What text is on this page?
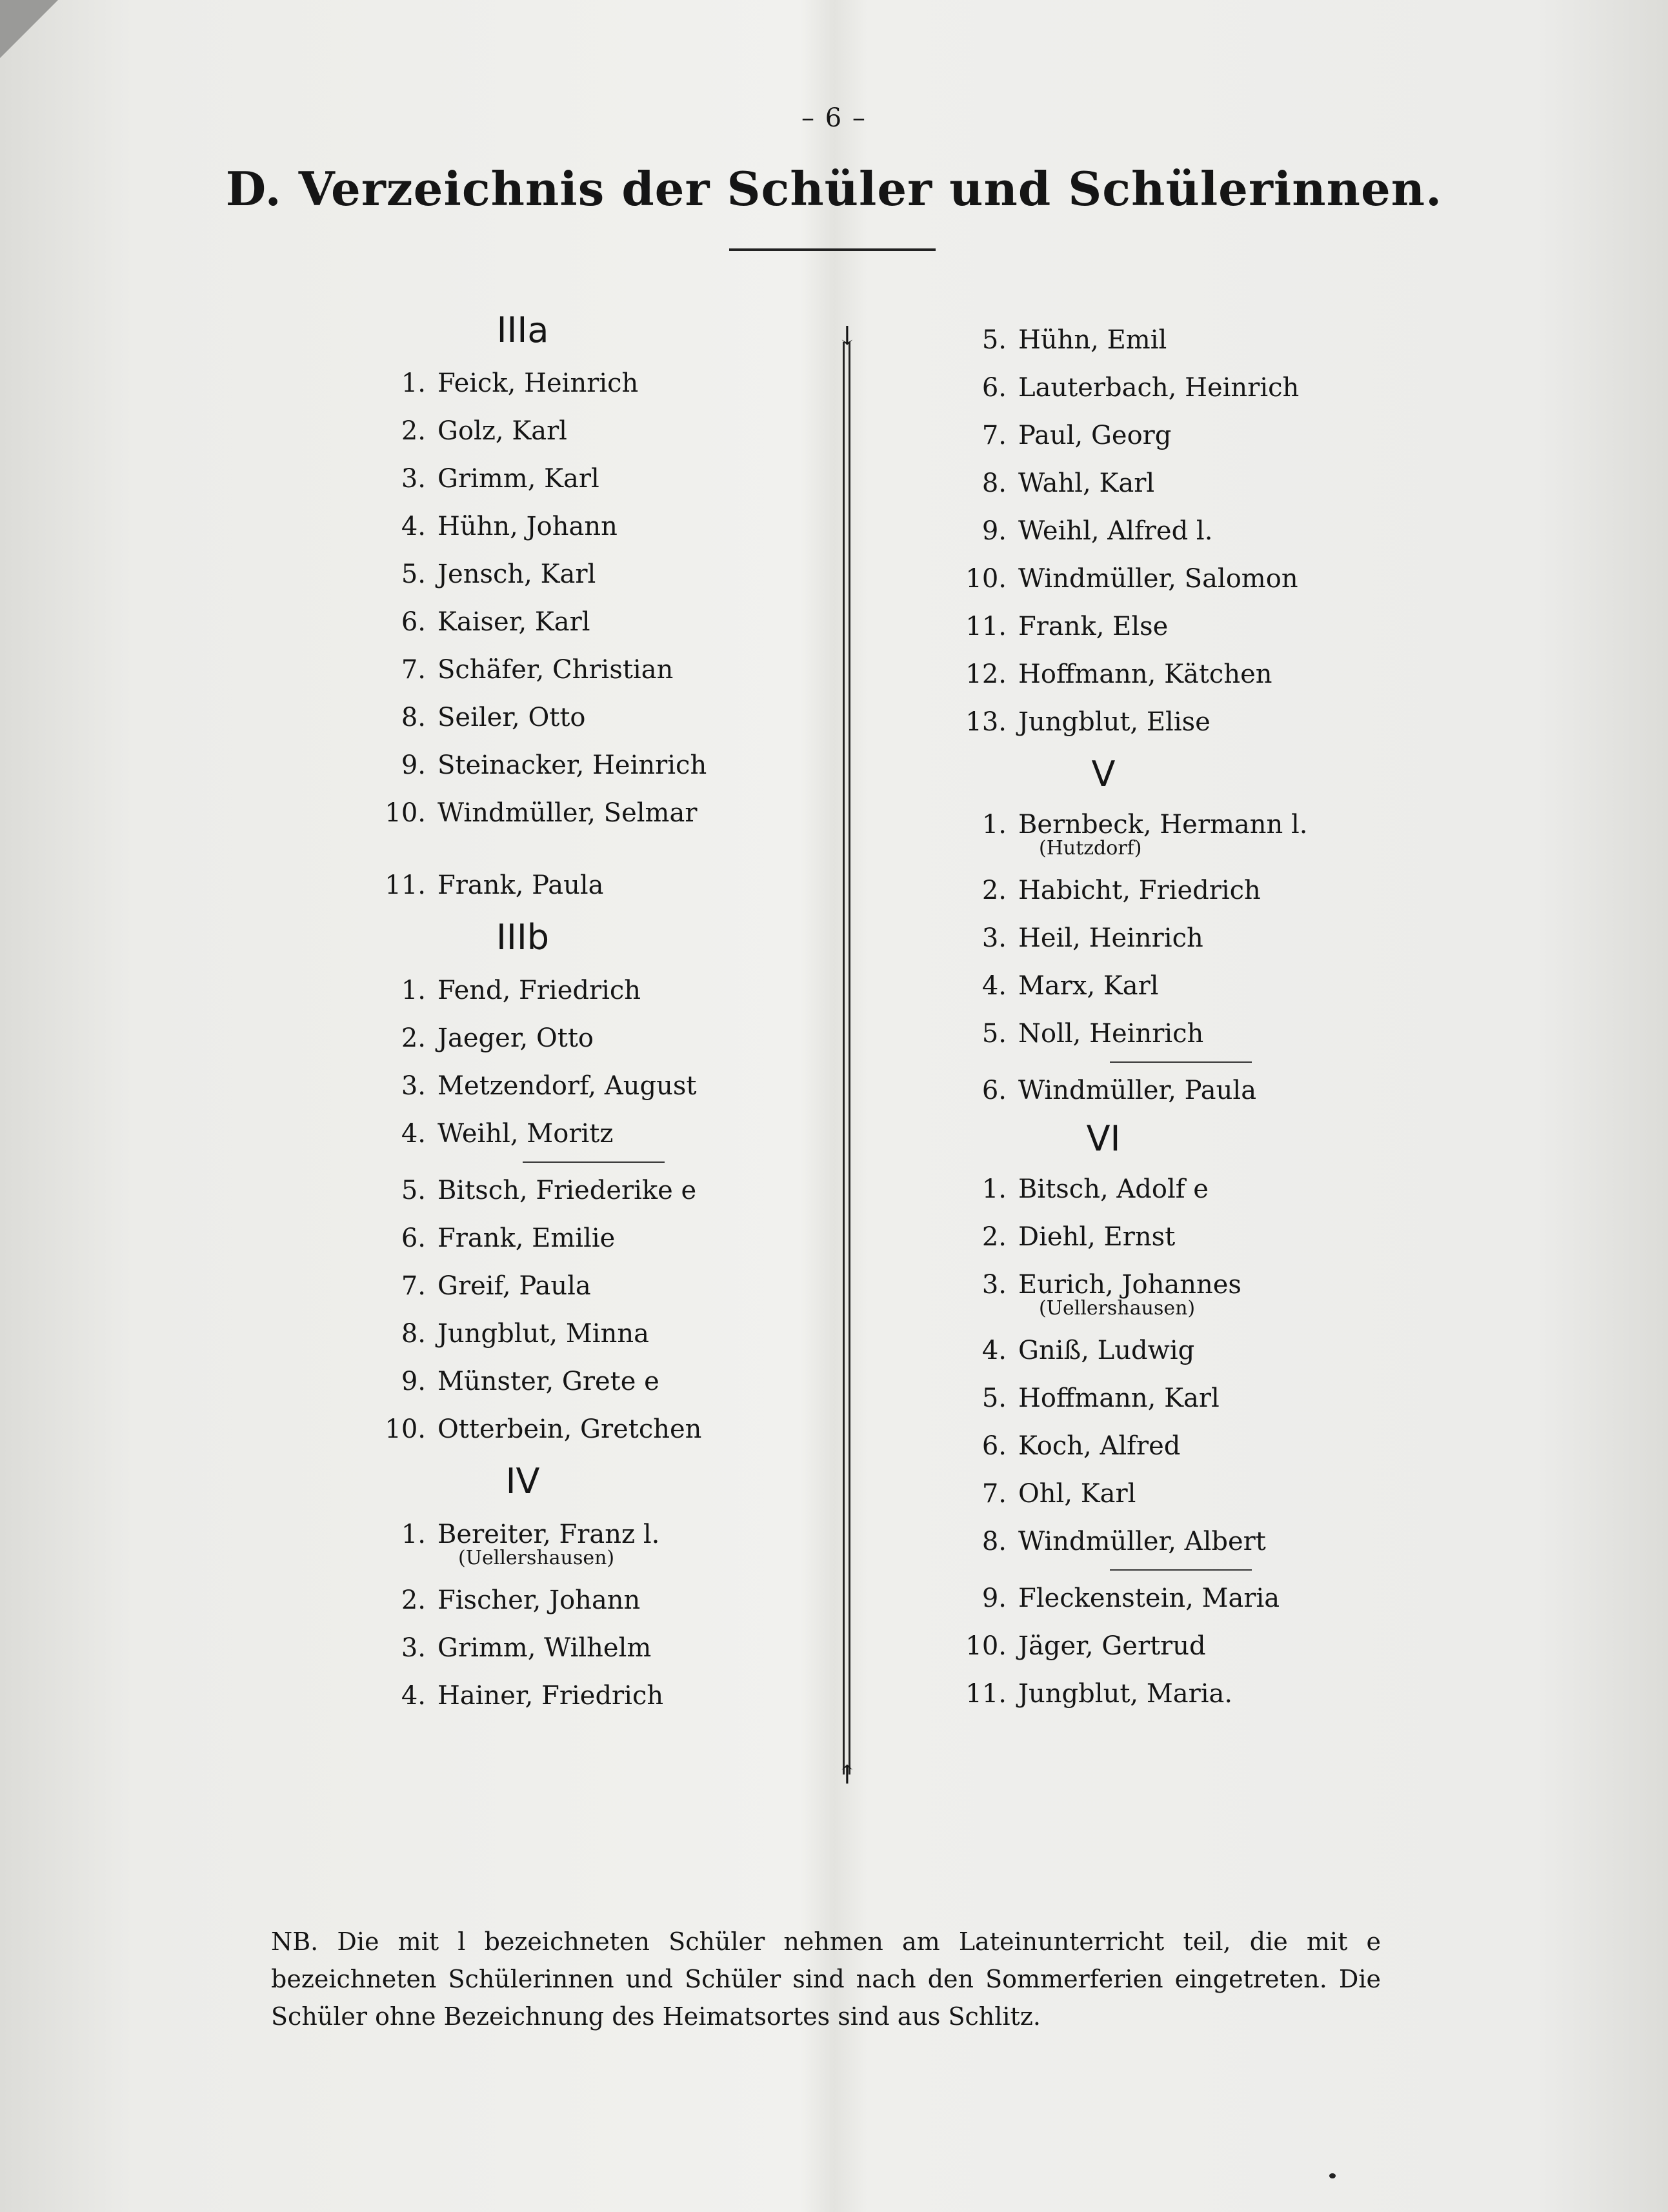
– 6 –
D. Verzeichnis der Schüler und Schülerinnen.
↓
↑
IIIa
1. Feick, Heinrich
2. Golz, Karl
3. Grimm, Karl
4. Hühn, Johann
5. Jensch, Karl
6. Kaiser, Karl
7. Schäfer, Christian
8. Seiler, Otto
9. Steinacker, Heinrich
10. Windmüller, Selmar
11. Frank, Paula
IIIb
1. Fend, Friedrich
2. Jaeger, Otto
3. Metzendorf, August
4. Weihl, Moritz
5. Bitsch, Friederike e
6. Frank, Emilie
7. Greif, Paula
8. Jungblut, Minna
9. Münster, Grete e
10. Otterbein, Gretchen
IV
1. Bereiter, Franz l.
(Uellershausen)
2. Fischer, Johann
3. Grimm, Wilhelm
4. Hainer, Friedrich
5. Hühn, Emil
6. Lauterbach, Heinrich
7. Paul, Georg
8. Wahl, Karl
9. Weihl, Alfred l.
10. Windmüller, Salomon
11. Frank, Else
12. Hoffmann, Kätchen
13. Jungblut, Elise
V
1. Bernbeck, Hermann l.
(Hutzdorf)
2. Habicht, Friedrich
3. Heil, Heinrich
4. Marx, Karl
5. Noll, Heinrich
6. Windmüller, Paula
VI
1. Bitsch, Adolf e
2. Diehl, Ernst
3. Eurich, Johannes
(Uellershausen)
4. Gniß, Ludwig
5. Hoffmann, Karl
6. Koch, Alfred
7. Ohl, Karl
8. Windmüller, Albert
9. Fleckenstein, Maria
10. Jäger, Gertrud
11. Jungblut, Maria.
NB. Die mit l bezeichneten Schüler nehmen am Lateinunterricht teil, die mit e bezeichneten Schülerinnen und Schüler sind nach den Sommerferien eingetreten. Die Schüler ohne Bezeichnung des Heimatsortes sind aus Schlitz.
